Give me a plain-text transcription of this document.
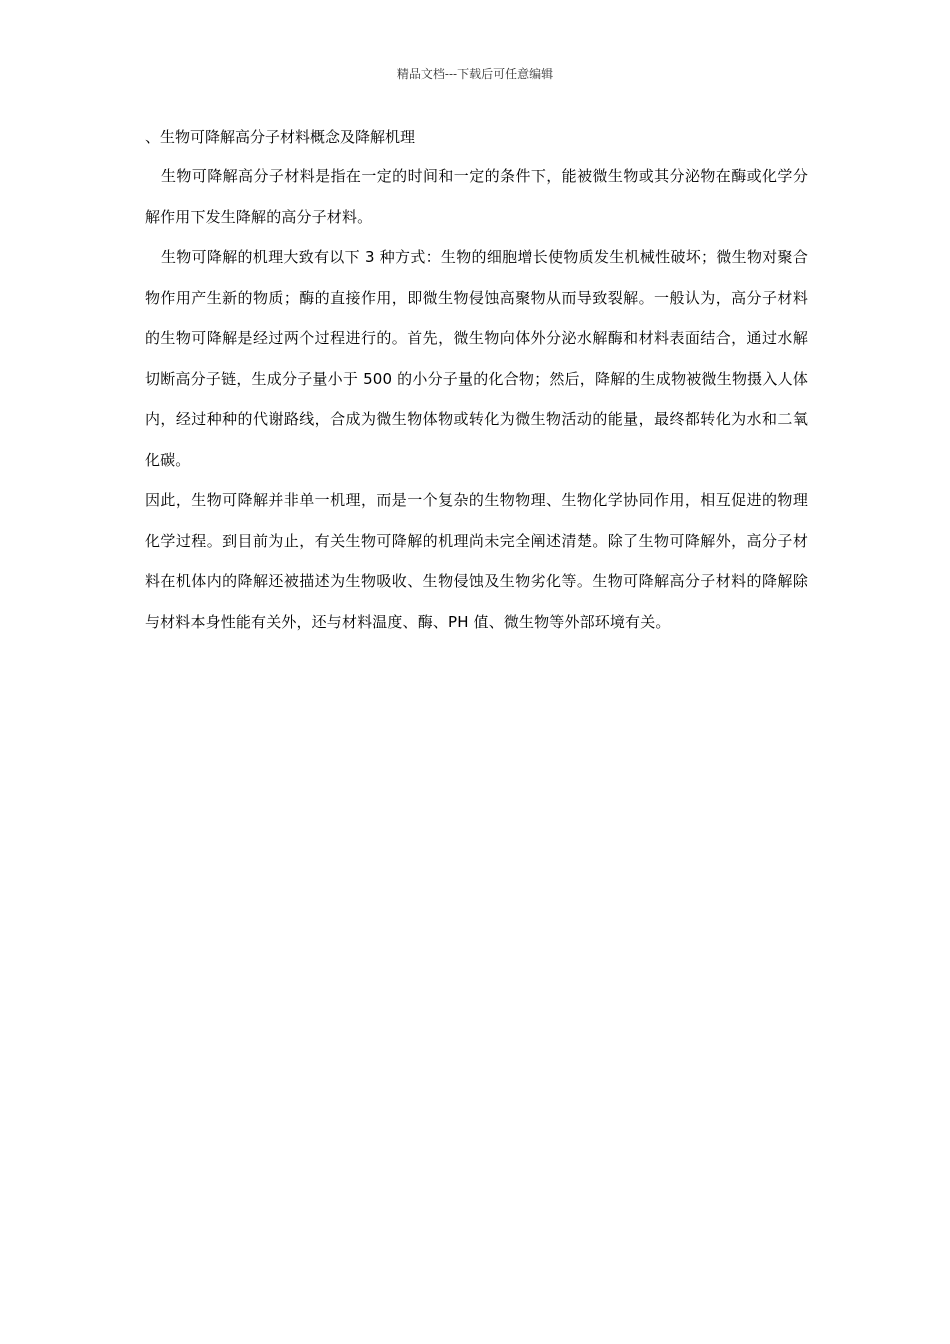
精品文档---下载后可任意编辑
、生物可降解高分子材料概念及降解机理

生物可降解高分子材料是指在一定的时间和一定的条件下，能被微生物或其分泌物在酶或化学分解作用下发生降解的高分子材料。

生物可降解的机理大致有以下 3 种方式：生物的细胞增长使物质发生机械性破坏；微生物对聚合物作用产生新的物质；酶的直接作用，即微生物侵蚀高聚物从而导致裂解。一般认为，高分子材料的生物可降解是经过两个过程进行的。首先，微生物向体外分泌水解酶和材料表面结合，通过水解切断高分子链，生成分子量小于 500 的小分子量的化合物；然后，降解的生成物被微生物摄入人体内，经过种种的代谢路线，合成为微生物体物或转化为微生物活动的能量，最终都转化为水和二氧化碳。

因此，生物可降解并非单一机理，而是一个复杂的生物物理、生物化学协同作用，相互促进的物理化学过程。到目前为止，有关生物可降解的机理尚未完全阐述清楚。除了生物可降解外，高分子材料在机体内的降解还被描述为生物吸收、生物侵蚀及生物劣化等。生物可降解高分子材料的降解除与材料本身性能有关外，还与材料温度、酶、PH 值、微生物等外部环境有关。
